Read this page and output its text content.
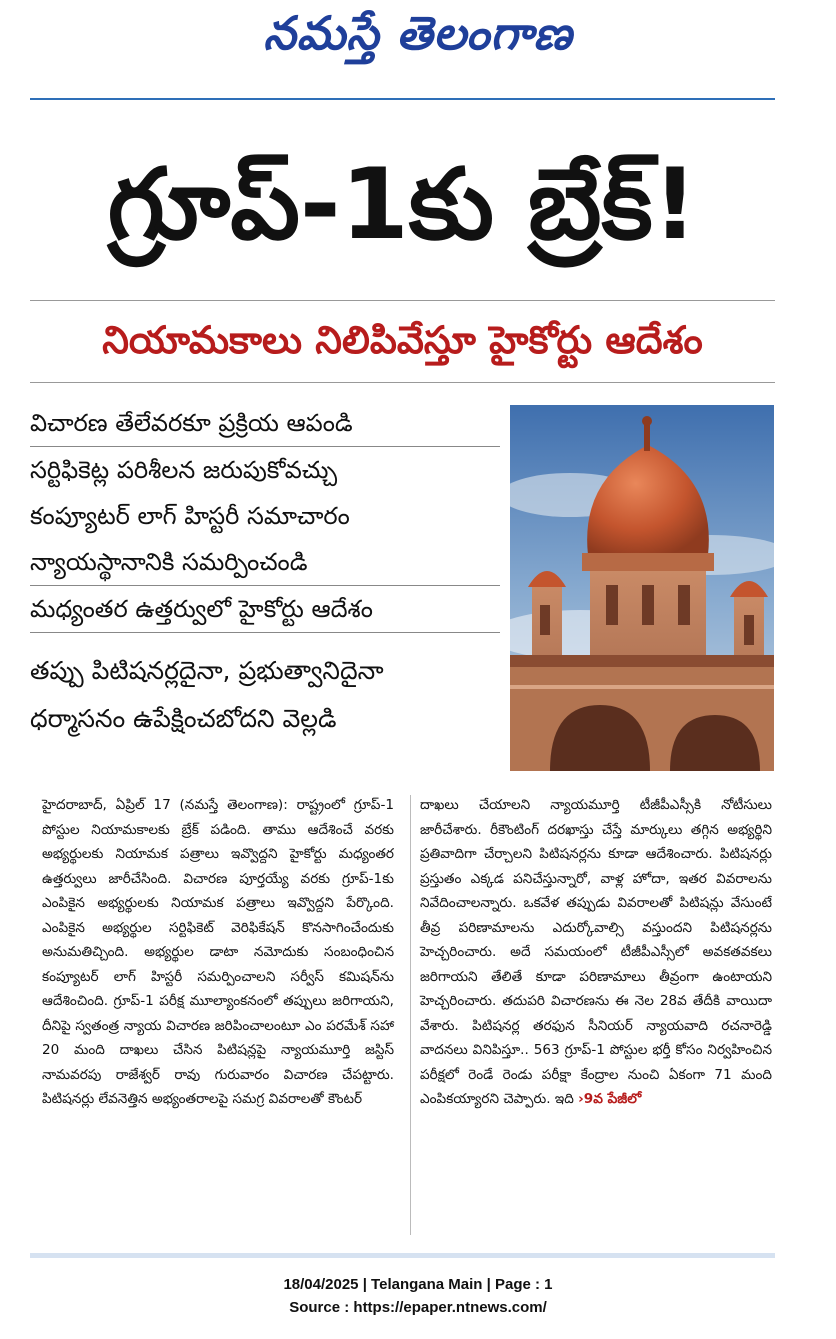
నమస్తే తెలంగాణ
గ్రూప్-1కు బ్రేక్!
నియామకాలు నిలిపివేస్తూ హైకోర్టు ఆదేశం
విచారణ తేలేవరకూ ప్రక్రియ ఆపండి
సర్టిఫికెట్ల పరిశీలన జరుపుకోవచ్చు
కంప్యూటర్ లాగ్ హిస్టరీ సమాచారం
న్యాయస్థానానికి సమర్పించండి
మధ్యంతర ఉత్తర్వులో హైకోర్టు ఆదేశం
తప్పు పిటిషనర్లదైనా, ప్రభుత్వానిదైనా
ధర్మాసనం ఉపేక్షించబోదని వెల్లడి

హైదరాబాద్, ఏప్రిల్ 17 (నమస్తే తెలంగాణ): రాష్ట్రంలో గ్రూప్-1 పోస్టుల నియామకాలకు బ్రేక్ పడింది. తాము ఆదేశించే వరకు అభ్యర్థులకు నియామక పత్రాలు ఇవ్వొద్దని హైకోర్టు మధ్యంతర ఉత్తర్వులు జారీచేసింది. విచారణ పూర్తయ్యే వరకు గ్రూప్-1కు ఎంపికైన అభ్యర్థులకు నియామక పత్రాలు ఇవ్వొద్దని పేర్కొంది. ఎంపికైన అభ్యర్థుల సర్టిఫికెట్ వెరిఫికేషన్ కొనసాగించేందుకు అనుమతిచ్చింది. అభ్యర్థుల డాటా నమోదుకు సంబంధించిన కంప్యూటర్ లాగ్ హిస్టరీ సమర్పించాలని సర్వీస్ కమిషన్‌ను ఆదేశించింది. గ్రూప్-1 పరీక్ష మూల్యాంకనంలో తప్పులు జరిగాయని, దీనిపై స్వతంత్ర న్యాయ విచారణ జరిపించాలంటూ ఎం పరమేశ్ సహా 20 మంది దాఖలు చేసిన పిటిషన్లపై న్యాయమూర్తి జస్టిస్ నామవరపు రాజేశ్వర్ రావు గురువారం విచారణ చేపట్టారు. పిటిషనర్లు లేవనెత్తిన అభ్యంతరాలపై సమగ్ర వివరాలతో కౌంటర్

దాఖలు చేయాలని న్యాయమూర్తి టీజీపీఎస్సీకి నోటీసులు జారీచేశారు. రీకౌంటింగ్ దరఖాస్తు చేస్తే మార్కులు తగ్గిన అభ్యర్థిని ప్రతివాదిగా చేర్చాలని పిటిషనర్లను కూడా ఆదేశించారు. పిటిషనర్లు ప్రస్తుతం ఎక్కడ పనిచేస్తున్నారో, వాళ్ల హోదా, ఇతర వివరాలను నివేదించాలన్నారు. ఒకవేళ తప్పుడు వివరాలతో పిటిషన్లు వేసుంటే తీవ్ర పరిణామాలను ఎదుర్కోవాల్సి వస్తుందని పిటిషనర్లను హెచ్చరించారు. అదే సమయంలో టీజీపీఎస్సీలో అవకతవకలు జరిగాయని తేలితే కూడా పరిణామాలు తీవ్రంగా ఉంటాయని హెచ్చరించారు. తదుపరి విచారణను ఈ నెల 28వ తేదీకి వాయిదా వేశారు. పిటిషనర్ల తరఫున సీనియర్ న్యాయవాది రచనారెడ్డి వాదనలు వినిపిస్తూ.. 563 గ్రూప్-1 పోస్టుల భర్తీ కోసం నిర్వహించిన పరీక్షలో రెండే రెండు పరీక్షా కేంద్రాల నుంచి ఏకంగా 71 మంది ఎంపికయ్యారని చెప్పారు. ఇది ›9వ పేజీలో

18/04/2025 | Telangana Main | Page : 1
Source : https://epaper.ntnews.com/
